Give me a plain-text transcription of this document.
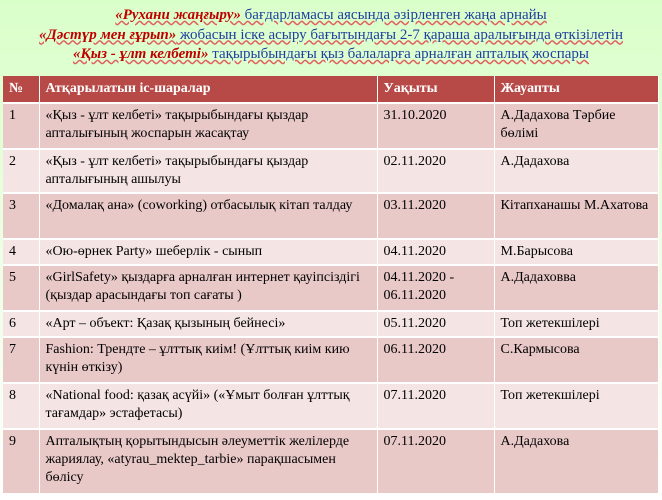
«Рухани жаңғыру» бағдарламасы аясында әзірленген жаңа арнайы
«Дәстүр мен ғұрып» жобасын іске асыру бағытындағы 2-7 қараша аралығында өткізілетін
«Қыз - ұлт келбеті» тақырыбындағы қыз балаларға арналған апталық жоспары
№	Атқарылатын іс-шаралар	Уақыты	Жауапты
1	«Қыз - ұлт келбеті» тақырыбындағы қыздар апталығының жоспарын жасақтау	31.10.2020	А.Дадахова Тәрбие бөлімі
2	«Қыз - ұлт келбеті» тақырыбындағы қыздар апталығының ашылуы	02.11.2020	А.Дадахова
3	«Домалақ ана» (coworking) отбасылық кітап талдау	03.11.2020	Кітапханашы М.Ахатова
4	«Ою-өрнек Party» шеберлік - сынып	04.11.2020	М.Барысова
5	«GirlSafety» қыздарға арналған интернет қауіпсіздігі (қыздар арасындағы топ сағаты )	04.11.2020 - 06.11.2020	А.Дадаховва
6	«Арт – объект: Қазақ қызының бейнесі»	05.11.2020	Топ жетекшілері
7	Fashion: Трендте – ұлттық киім! (Ұлттық киім кию күнін өткізу)	06.11.2020	С.Кармысова
8	«National food: қазақ асүйі» («Ұмыт болған ұлттық тағамдар» эстафетасы)	07.11.2020	Топ жетекшілері
9	Апталықтың қорытындысын әлеуметтік желілерде жариялау, «atyrau_mektep_tarbie» парақшасымен бөлісу	07.11.2020	А.Дадахова
